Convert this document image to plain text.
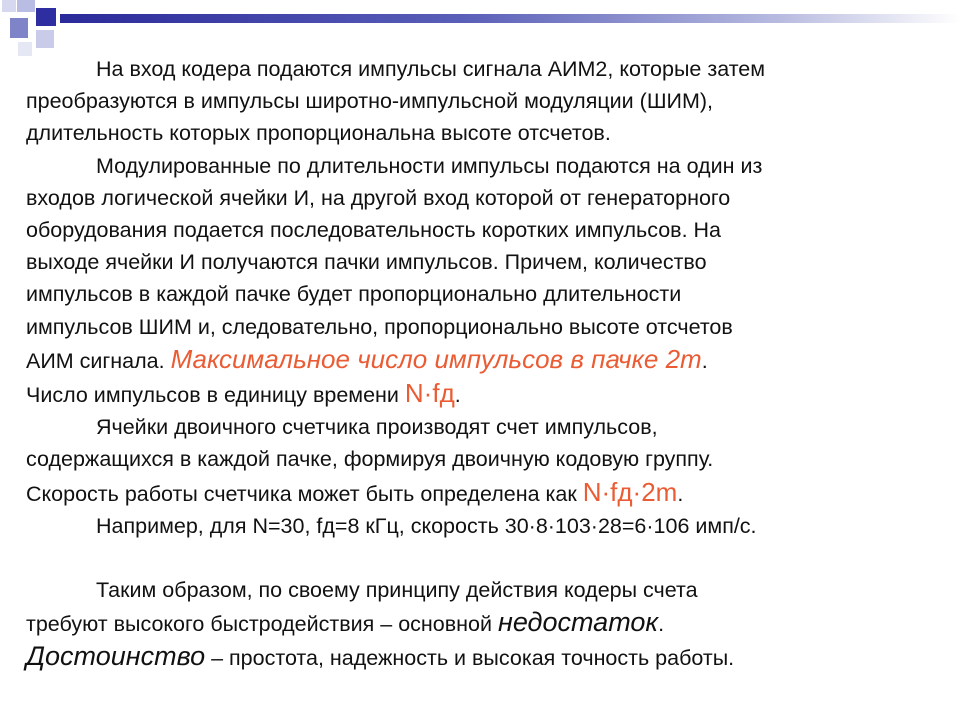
На вход кодера подаются импульсы сигнала АИМ2, которые затем
преобразуются в импульсы широтно-импульсной модуляции (ШИМ),
длительность которых пропорциональна высоте отсчетов.
Модулированные по длительности импульсы подаются на один из
входов логической ячейки И, на другой вход которой от генераторного
оборудования подается последовательность коротких импульсов. На
выходе ячейки И получаются пачки импульсов. Причем, количество
импульсов в каждой пачке будет пропорционально длительности
импульсов ШИМ и, следовательно, пропорционально высоте отсчетов
АИМ сигнала. Максимальное число импульсов в пачке 2m.
Число импульсов в единицу времени N·fд.
Ячейки двоичного счетчика производят счет импульсов,
содержащихся в каждой пачке, формируя двоичную кодовую группу.
Скорость работы счетчика может быть определена как N·fд·2m.
Например, для N=30, fд=8 кГц, скорость 30·8·103·28=6·106 имп/с.
Таким образом, по своему принципу действия кодеры счета
требуют высокого быстродействия – основной недостаток.
Достоинство – простота, надежность и высокая точность работы.
